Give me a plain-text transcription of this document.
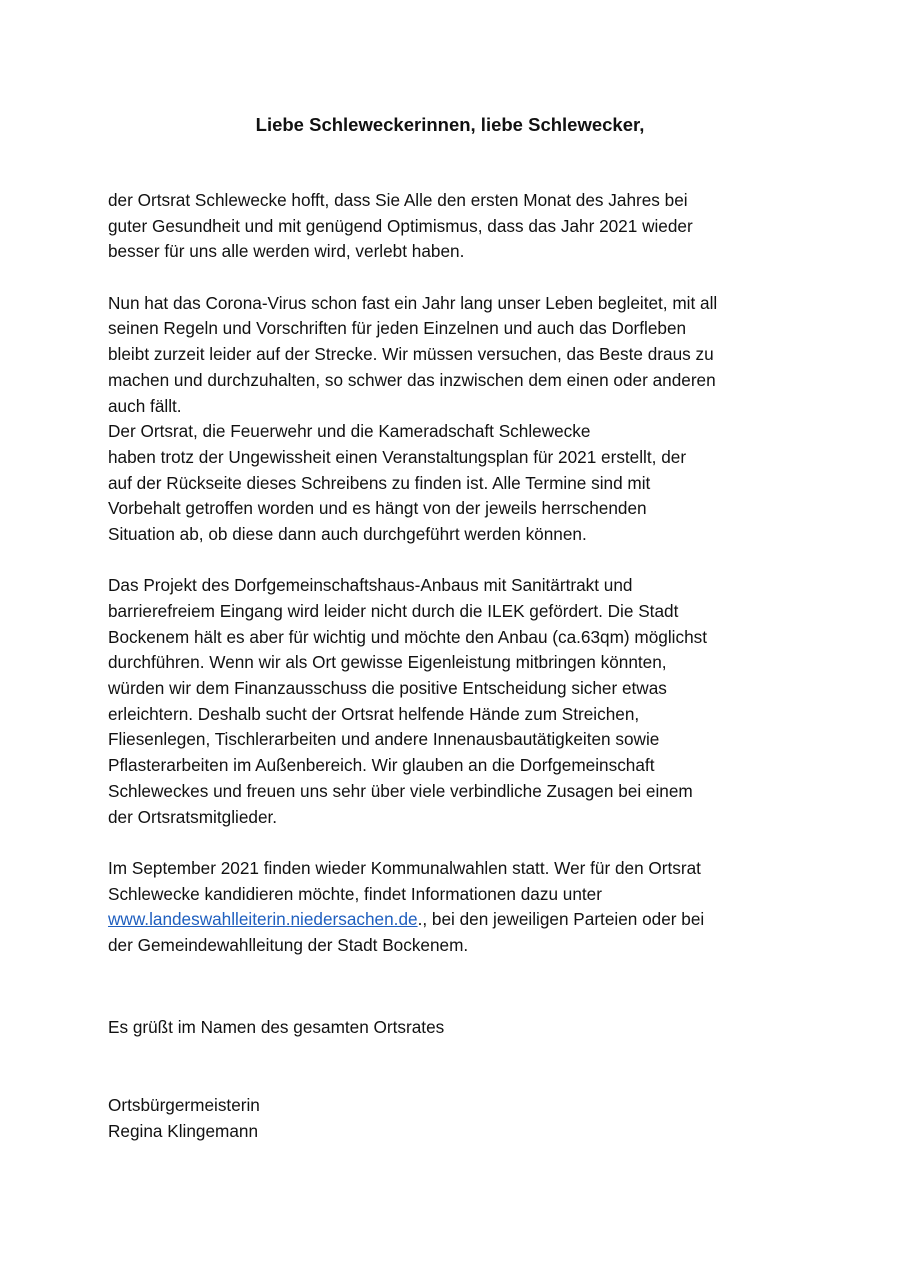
Liebe Schleweckerinnen, liebe Schlewecker,
der Ortsrat Schlewecke hofft, dass Sie Alle den ersten Monat des Jahres bei
guter Gesundheit und mit genügend Optimismus, dass das Jahr 2021 wieder
besser für uns alle werden wird, verlebt haben.
Nun hat das Corona-Virus schon fast ein Jahr lang unser Leben begleitet, mit all
seinen Regeln und Vorschriften für jeden Einzelnen und auch das Dorfleben
bleibt zurzeit leider auf der Strecke. Wir müssen versuchen, das Beste draus zu
machen und durchzuhalten, so schwer das inzwischen dem einen oder anderen
auch fällt.
Der Ortsrat, die Feuerwehr und die Kameradschaft Schlewecke
haben trotz der Ungewissheit einen Veranstaltungsplan für 2021 erstellt, der
auf der Rückseite dieses Schreibens zu finden ist. Alle Termine sind mit
Vorbehalt getroffen worden und es hängt von der jeweils herrschenden
Situation ab, ob diese dann auch durchgeführt werden können.
Das Projekt des Dorfgemeinschaftshaus-Anbaus mit Sanitärtrakt und
barrierefreiem Eingang wird leider nicht durch die ILEK gefördert. Die Stadt
Bockenem hält es aber für wichtig und möchte den Anbau (ca.63qm) möglichst
durchführen. Wenn wir als Ort gewisse Eigenleistung mitbringen könnten,
würden wir dem Finanzausschuss die positive Entscheidung sicher etwas
erleichtern. Deshalb sucht der Ortsrat helfende Hände zum Streichen,
Fliesenlegen, Tischlerarbeiten und andere Innenausbautätigkeiten sowie
Pflasterarbeiten im Außenbereich. Wir glauben an die Dorfgemeinschaft
Schleweckes und freuen uns sehr über viele verbindliche Zusagen bei einem
der Ortsratsmitglieder.
Im September 2021 finden wieder Kommunalwahlen statt. Wer für den Ortsrat
Schlewecke kandidieren möchte, findet Informationen dazu unter
www.landeswahlleiterin.niedersachen.de., bei den jeweiligen Parteien oder bei
der Gemeindewahlleitung der Stadt Bockenem.
Es grüßt im Namen des gesamten Ortsrates
Ortsbürgermeisterin
Regina Klingemann
